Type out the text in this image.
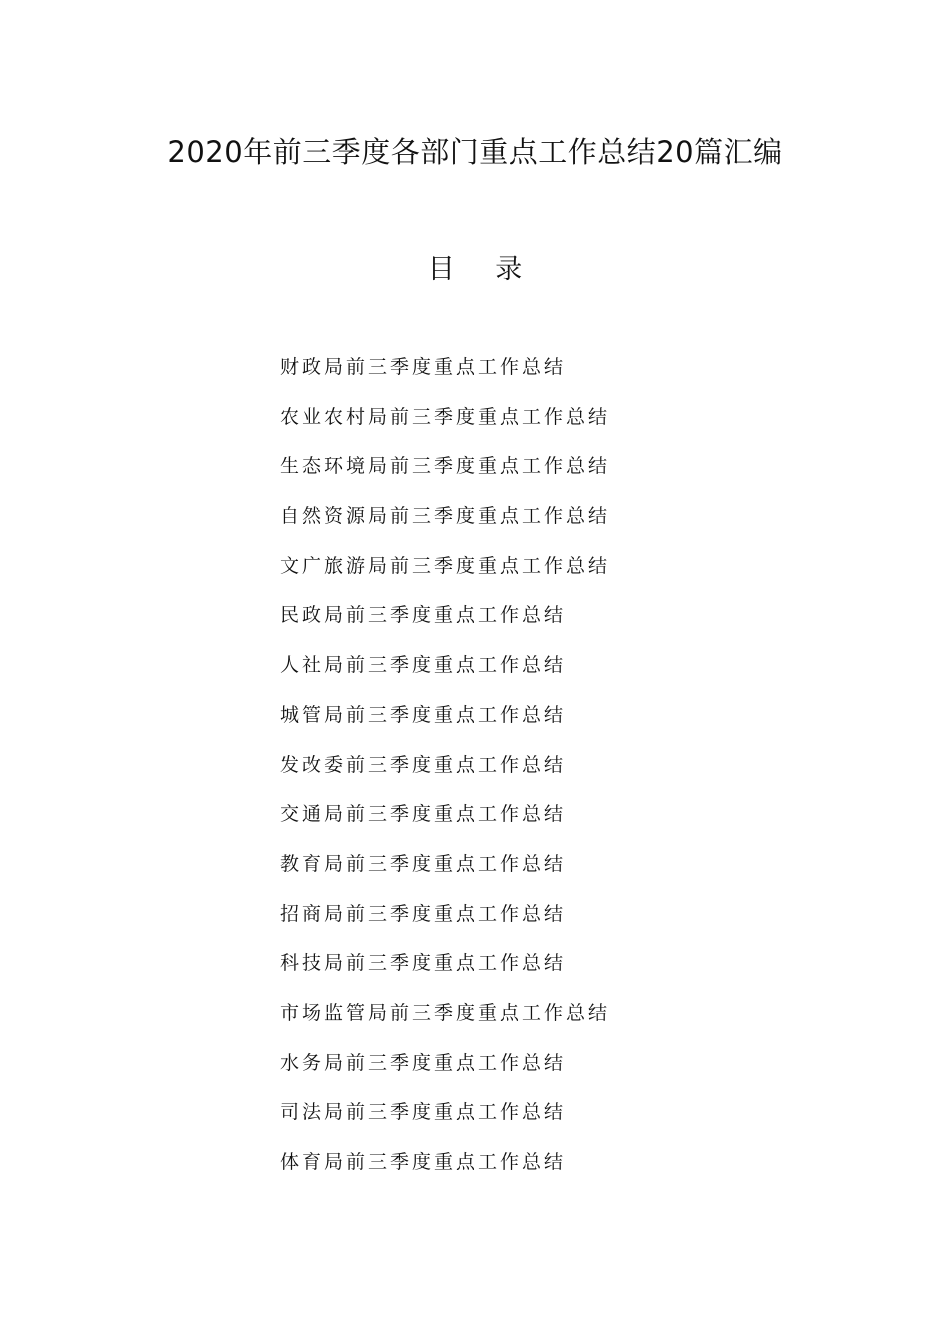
2020年前三季度各部门重点工作总结20篇汇编
目 录
财政局前三季度重点工作总结
农业农村局前三季度重点工作总结
生态环境局前三季度重点工作总结
自然资源局前三季度重点工作总结
文广旅游局前三季度重点工作总结
民政局前三季度重点工作总结
人社局前三季度重点工作总结
城管局前三季度重点工作总结
发改委前三季度重点工作总结
交通局前三季度重点工作总结
教育局前三季度重点工作总结
招商局前三季度重点工作总结
科技局前三季度重点工作总结
市场监管局前三季度重点工作总结
水务局前三季度重点工作总结
司法局前三季度重点工作总结
体育局前三季度重点工作总结
